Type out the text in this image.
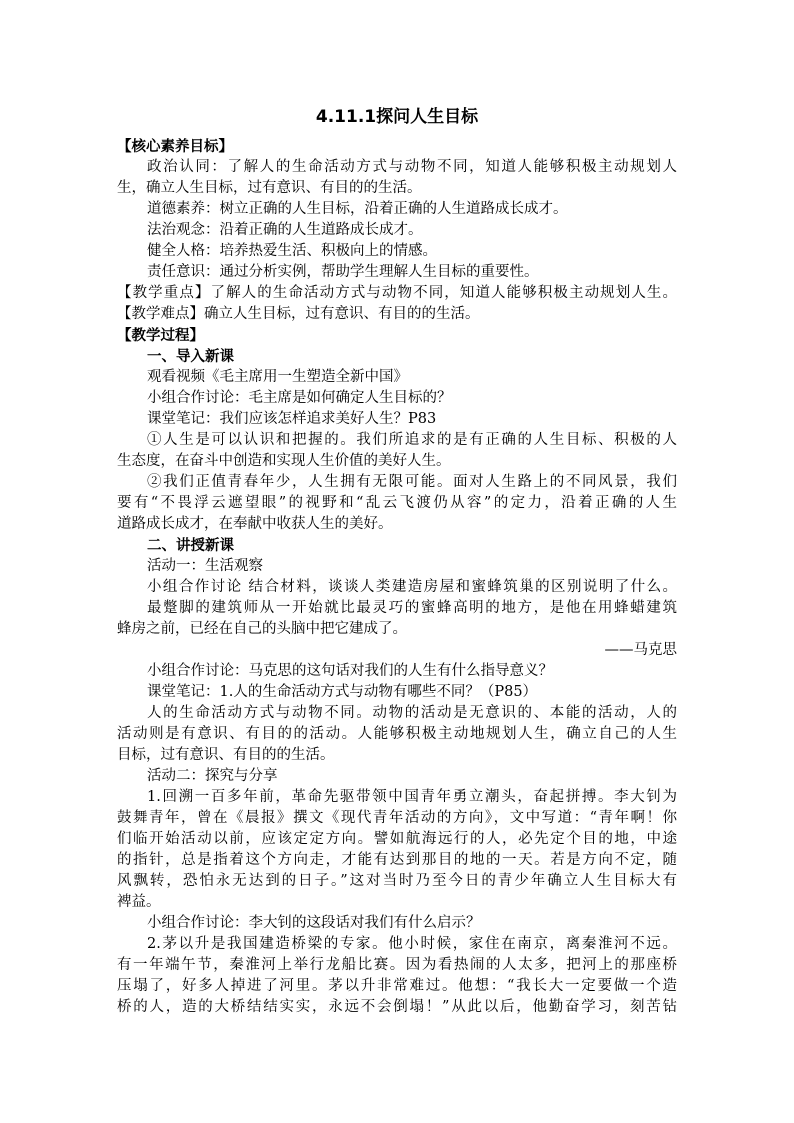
4.11.1探问人生目标
【核心素养目标】
政治认同：了解人的生命活动方式与动物不同，知道人能够积极主动规划人
生，确立人生目标，过有意识、有目的的生活。
道德素养：树立正确的人生目标，沿着正确的人生道路成长成才。
法治观念：沿着正确的人生道路成长成才。
健全人格：培养热爱生活、积极向上的情感。
责任意识：通过分析实例，帮助学生理解人生目标的重要性。
【教学重点】了解人的生命活动方式与动物不同，知道人能够积极主动规划人生。
【教学难点】确立人生目标，过有意识、有目的的生活。
【教学过程】
一、导入新课
观看视频《毛主席用一生塑造全新中国》
小组合作讨论：毛主席是如何确定人生目标的？
课堂笔记：我们应该怎样追求美好人生？P83
①人生是可以认识和把握的。我们所追求的是有正确的人生目标、积极的人
生态度，在奋斗中创造和实现人生价值的美好人生。
②我们正值青春年少，人生拥有无限可能。面对人生路上的不同风景，我们
要有“不畏浮云遮望眼”的视野和“乱云飞渡仍从容”的定力，沿着正确的人生
道路成长成才，在奉献中收获人生的美好。
二、讲授新课
活动一：生活观察
小组合作讨论 结合材料，谈谈人类建造房屋和蜜蜂筑巢的区别说明了什么。
最蹩脚的建筑师从一开始就比最灵巧的蜜蜂高明的地方，是他在用蜂蜡建筑
蜂房之前，已经在自己的头脑中把它建成了。
——马克思
小组合作讨论：马克思的这句话对我们的人生有什么指导意义？
课堂笔记：1.人的生命活动方式与动物有哪些不同？（P85）
人的生命活动方式与动物不同。动物的活动是无意识的、本能的活动，人的
活动则是有意识、有目的的活动。人能够积极主动地规划人生，确立自己的人生
目标，过有意识、有目的的生活。
活动二：探究与分享
1.回溯一百多年前，革命先驱带领中国青年勇立潮头，奋起拼搏。李大钊为
鼓舞青年，曾在《晨报》撰文《现代青年活动的方向》，文中写道：“青年啊！你
们临开始活动以前，应该定定方向。譬如航海远行的人，必先定个目的地，中途
的指针，总是指着这个方向走，才能有达到那目的地的一天。若是方向不定，随
风飘转，恐怕永无达到的日子。”这对当时乃至今日的青少年确立人生目标大有
裨益。
小组合作讨论：李大钊的这段话对我们有什么启示？
2.茅以升是我国建造桥梁的专家。他小时候，家住在南京，离秦淮河不远。
有一年端午节，秦淮河上举行龙船比赛。因为看热闹的人太多，把河上的那座桥
压塌了，好多人掉进了河里。茅以升非常难过。他想：“我长大一定要做一个造
桥的人，造的大桥结结实实，永远不会倒塌！”从此以后，他勤奋学习，刻苦钻
